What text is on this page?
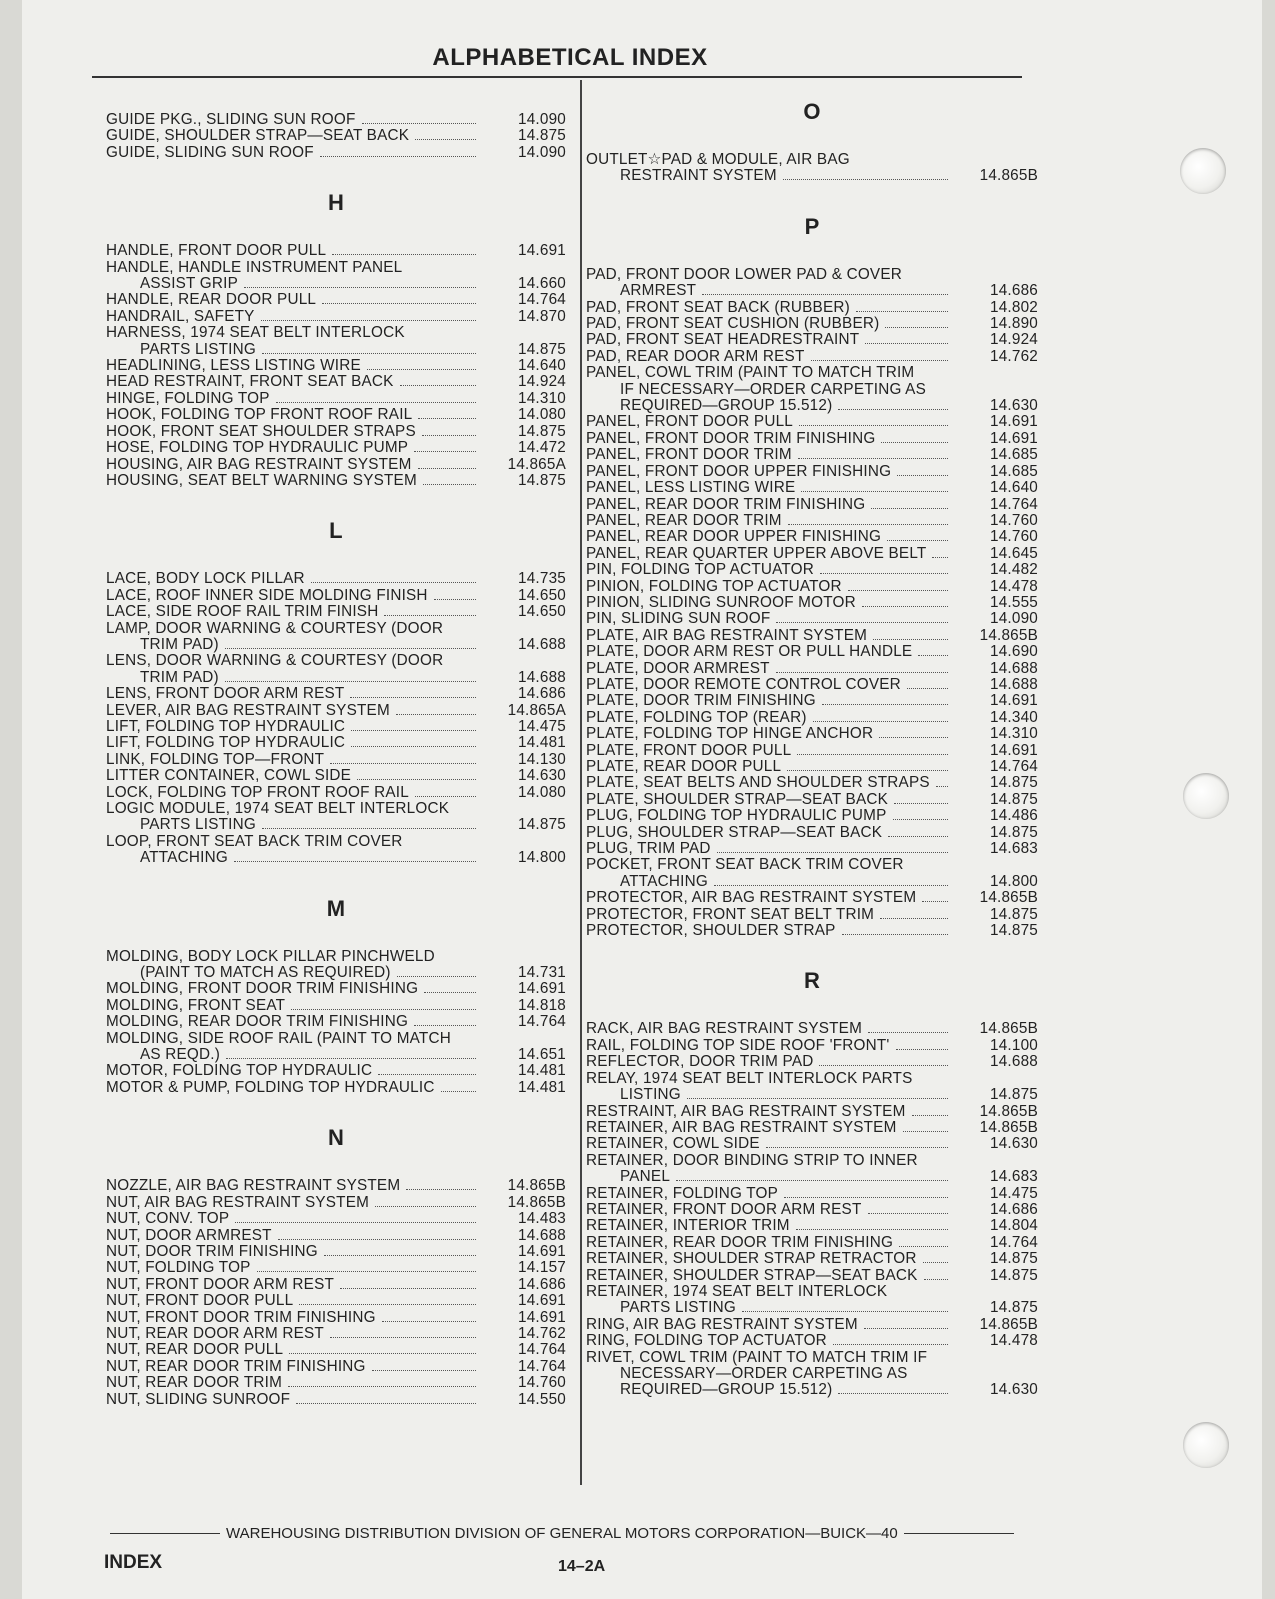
ALPHABETICAL INDEX
GUIDE PKG., SLIDING SUN ROOF	14.090
GUIDE, SHOULDER STRAP—SEAT BACK	14.875
GUIDE, SLIDING SUN ROOF	14.090
H
HANDLE, FRONT DOOR PULL	14.691
HANDLE, HANDLE INSTRUMENT PANEL
ASSIST GRIP	14.660
HANDLE, REAR DOOR PULL	14.764
HANDRAIL, SAFETY	14.870
HARNESS, 1974 SEAT BELT INTERLOCK
PARTS LISTING	14.875
HEADLINING, LESS LISTING WIRE	14.640
HEAD RESTRAINT, FRONT SEAT BACK	14.924
HINGE, FOLDING TOP	14.310
HOOK, FOLDING TOP FRONT ROOF RAIL	14.080
HOOK, FRONT SEAT SHOULDER STRAPS	14.875
HOSE, FOLDING TOP HYDRAULIC PUMP	14.472
HOUSING, AIR BAG RESTRAINT SYSTEM	14.865A
HOUSING, SEAT BELT WARNING SYSTEM	14.875
L
LACE, BODY LOCK PILLAR	14.735
LACE, ROOF INNER SIDE MOLDING FINISH	14.650
LACE, SIDE ROOF RAIL TRIM FINISH	14.650
LAMP, DOOR WARNING & COURTESY (DOOR
TRIM PAD)	14.688
LENS, DOOR WARNING & COURTESY (DOOR
TRIM PAD)	14.688
LENS, FRONT DOOR ARM REST	14.686
LEVER, AIR BAG RESTRAINT SYSTEM	14.865A
LIFT, FOLDING TOP HYDRAULIC	14.475
LIFT, FOLDING TOP HYDRAULIC	14.481
LINK, FOLDING TOP—FRONT	14.130
LITTER CONTAINER, COWL SIDE	14.630
LOCK, FOLDING TOP FRONT ROOF RAIL	14.080
LOGIC MODULE, 1974 SEAT BELT INTERLOCK
PARTS LISTING	14.875
LOOP, FRONT SEAT BACK TRIM COVER
ATTACHING	14.800
M
MOLDING, BODY LOCK PILLAR PINCHWELD
(PAINT TO MATCH AS REQUIRED)	14.731
MOLDING, FRONT DOOR TRIM FINISHING	14.691
MOLDING, FRONT SEAT	14.818
MOLDING, REAR DOOR TRIM FINISHING	14.764
MOLDING, SIDE ROOF RAIL (PAINT TO MATCH
AS REQD.)	14.651
MOTOR, FOLDING TOP HYDRAULIC	14.481
MOTOR & PUMP, FOLDING TOP HYDRAULIC	14.481
N
NOZZLE, AIR BAG RESTRAINT SYSTEM	14.865B
NUT, AIR BAG RESTRAINT SYSTEM	14.865B
NUT, CONV. TOP	14.483
NUT, DOOR ARMREST	14.688
NUT, DOOR TRIM FINISHING	14.691
NUT, FOLDING TOP	14.157
NUT, FRONT DOOR ARM REST	14.686
NUT, FRONT DOOR PULL	14.691
NUT, FRONT DOOR TRIM FINISHING	14.691
NUT, REAR DOOR ARM REST	14.762
NUT, REAR DOOR PULL	14.764
NUT, REAR DOOR TRIM FINISHING	14.764
NUT, REAR DOOR TRIM	14.760
NUT, SLIDING SUNROOF	14.550
O
OUTLET☆PAD & MODULE, AIR BAG
RESTRAINT SYSTEM	14.865B
P
PAD, FRONT DOOR LOWER PAD & COVER
ARMREST	14.686
PAD, FRONT SEAT BACK (RUBBER)	14.802
PAD, FRONT SEAT CUSHION (RUBBER)	14.890
PAD, FRONT SEAT HEADRESTRAINT	14.924
PAD, REAR DOOR ARM REST	14.762
PANEL, COWL TRIM (PAINT TO MATCH TRIM
IF NECESSARY—ORDER CARPETING AS
REQUIRED—GROUP 15.512)	14.630
PANEL, FRONT DOOR PULL	14.691
PANEL, FRONT DOOR TRIM FINISHING	14.691
PANEL, FRONT DOOR TRIM	14.685
PANEL, FRONT DOOR UPPER FINISHING	14.685
PANEL, LESS LISTING WIRE	14.640
PANEL, REAR DOOR TRIM FINISHING	14.764
PANEL, REAR DOOR TRIM	14.760
PANEL, REAR DOOR UPPER FINISHING	14.760
PANEL, REAR QUARTER UPPER ABOVE BELT	14.645
PIN, FOLDING TOP ACTUATOR	14.482
PINION, FOLDING TOP ACTUATOR	14.478
PINION, SLIDING SUNROOF MOTOR	14.555
PIN, SLIDING SUN ROOF	14.090
PLATE, AIR BAG RESTRAINT SYSTEM	14.865B
PLATE, DOOR ARM REST OR PULL HANDLE	14.690
PLATE, DOOR ARMREST	14.688
PLATE, DOOR REMOTE CONTROL COVER	14.688
PLATE, DOOR TRIM FINISHING	14.691
PLATE, FOLDING TOP (REAR)	14.340
PLATE, FOLDING TOP HINGE ANCHOR	14.310
PLATE, FRONT DOOR PULL	14.691
PLATE, REAR DOOR PULL	14.764
PLATE, SEAT BELTS AND SHOULDER STRAPS	14.875
PLATE, SHOULDER STRAP—SEAT BACK	14.875
PLUG, FOLDING TOP HYDRAULIC PUMP	14.486
PLUG, SHOULDER STRAP—SEAT BACK	14.875
PLUG, TRIM PAD	14.683
POCKET, FRONT SEAT BACK TRIM COVER
ATTACHING	14.800
PROTECTOR, AIR BAG RESTRAINT SYSTEM	14.865B
PROTECTOR, FRONT SEAT BELT TRIM	14.875
PROTECTOR, SHOULDER STRAP	14.875
R
RACK, AIR BAG RESTRAINT SYSTEM	14.865B
RAIL, FOLDING TOP SIDE ROOF 'FRONT'	14.100
REFLECTOR, DOOR TRIM PAD	14.688
RELAY, 1974 SEAT BELT INTERLOCK PARTS
LISTING	14.875
RESTRAINT, AIR BAG RESTRAINT SYSTEM	14.865B
RETAINER, AIR BAG RESTRAINT SYSTEM	14.865B
RETAINER, COWL SIDE	14.630
RETAINER, DOOR BINDING STRIP TO INNER
PANEL	14.683
RETAINER, FOLDING TOP	14.475
RETAINER, FRONT DOOR ARM REST	14.686
RETAINER, INTERIOR TRIM	14.804
RETAINER, REAR DOOR TRIM FINISHING	14.764
RETAINER, SHOULDER STRAP RETRACTOR	14.875
RETAINER, SHOULDER STRAP—SEAT BACK	14.875
RETAINER, 1974 SEAT BELT INTERLOCK
PARTS LISTING	14.875
RING, AIR BAG RESTRAINT SYSTEM	14.865B
RING, FOLDING TOP ACTUATOR	14.478
RIVET, COWL TRIM (PAINT TO MATCH TRIM IF
NECESSARY—ORDER CARPETING AS
REQUIRED—GROUP 15.512)	14.630
WAREHOUSING DISTRIBUTION DIVISION OF GENERAL MOTORS CORPORATION—BUICK—40
INDEX	14–2A
